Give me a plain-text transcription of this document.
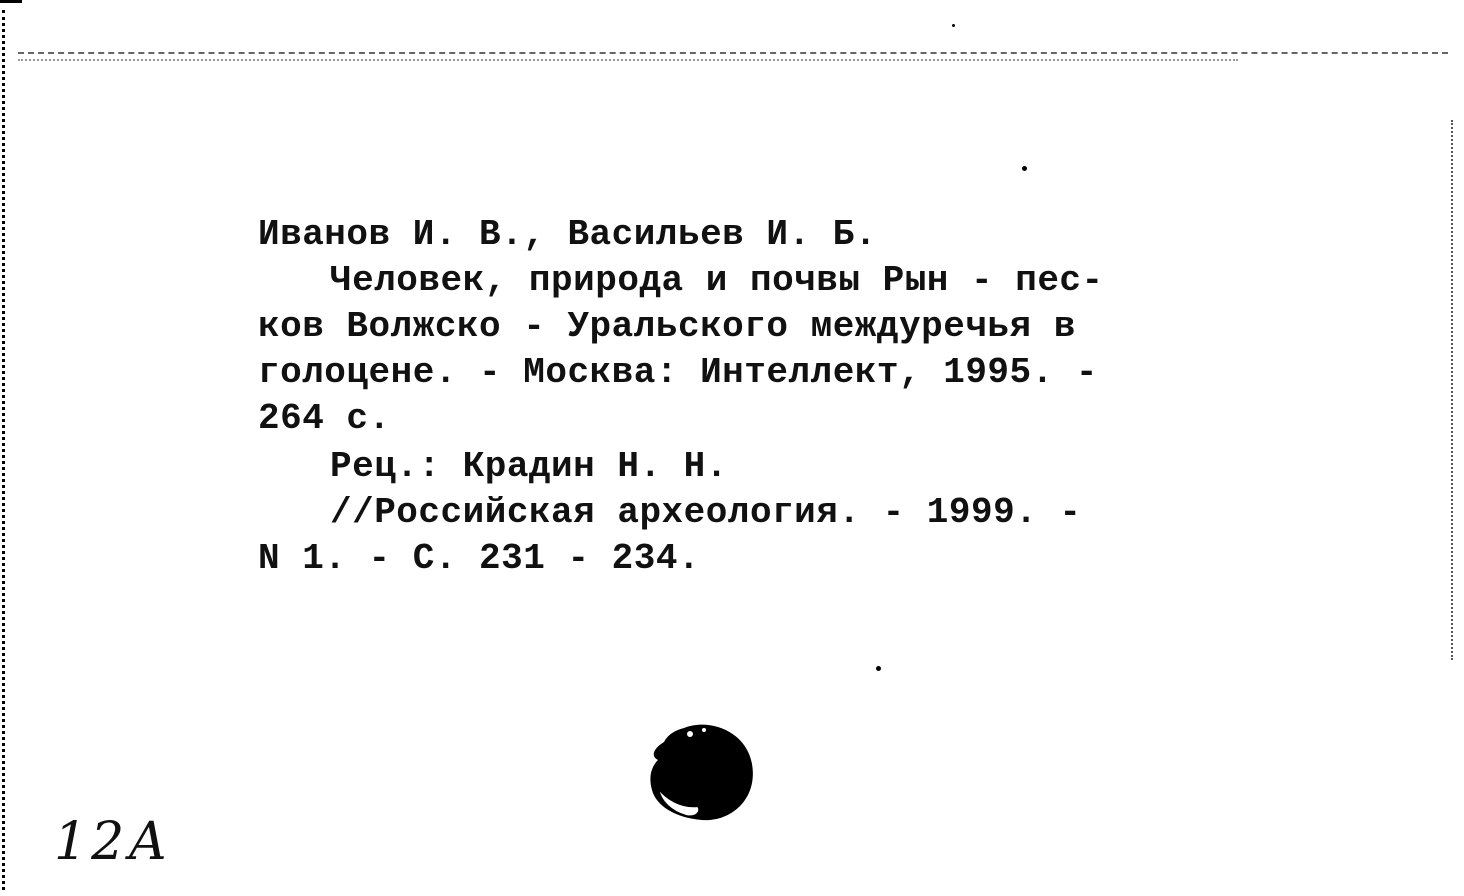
Иванов И. В., Васильев И. Б.
Человек, природа и почвы Рын - пес-
ков Волжско - Уральского междуречья в
голоцене. - Москва: Интеллект, 1995. -
264 с.
Рец.: Крадин Н. Н.
//Российская археология. - 1999. -
N 1. - С. 231 - 234.
12А
